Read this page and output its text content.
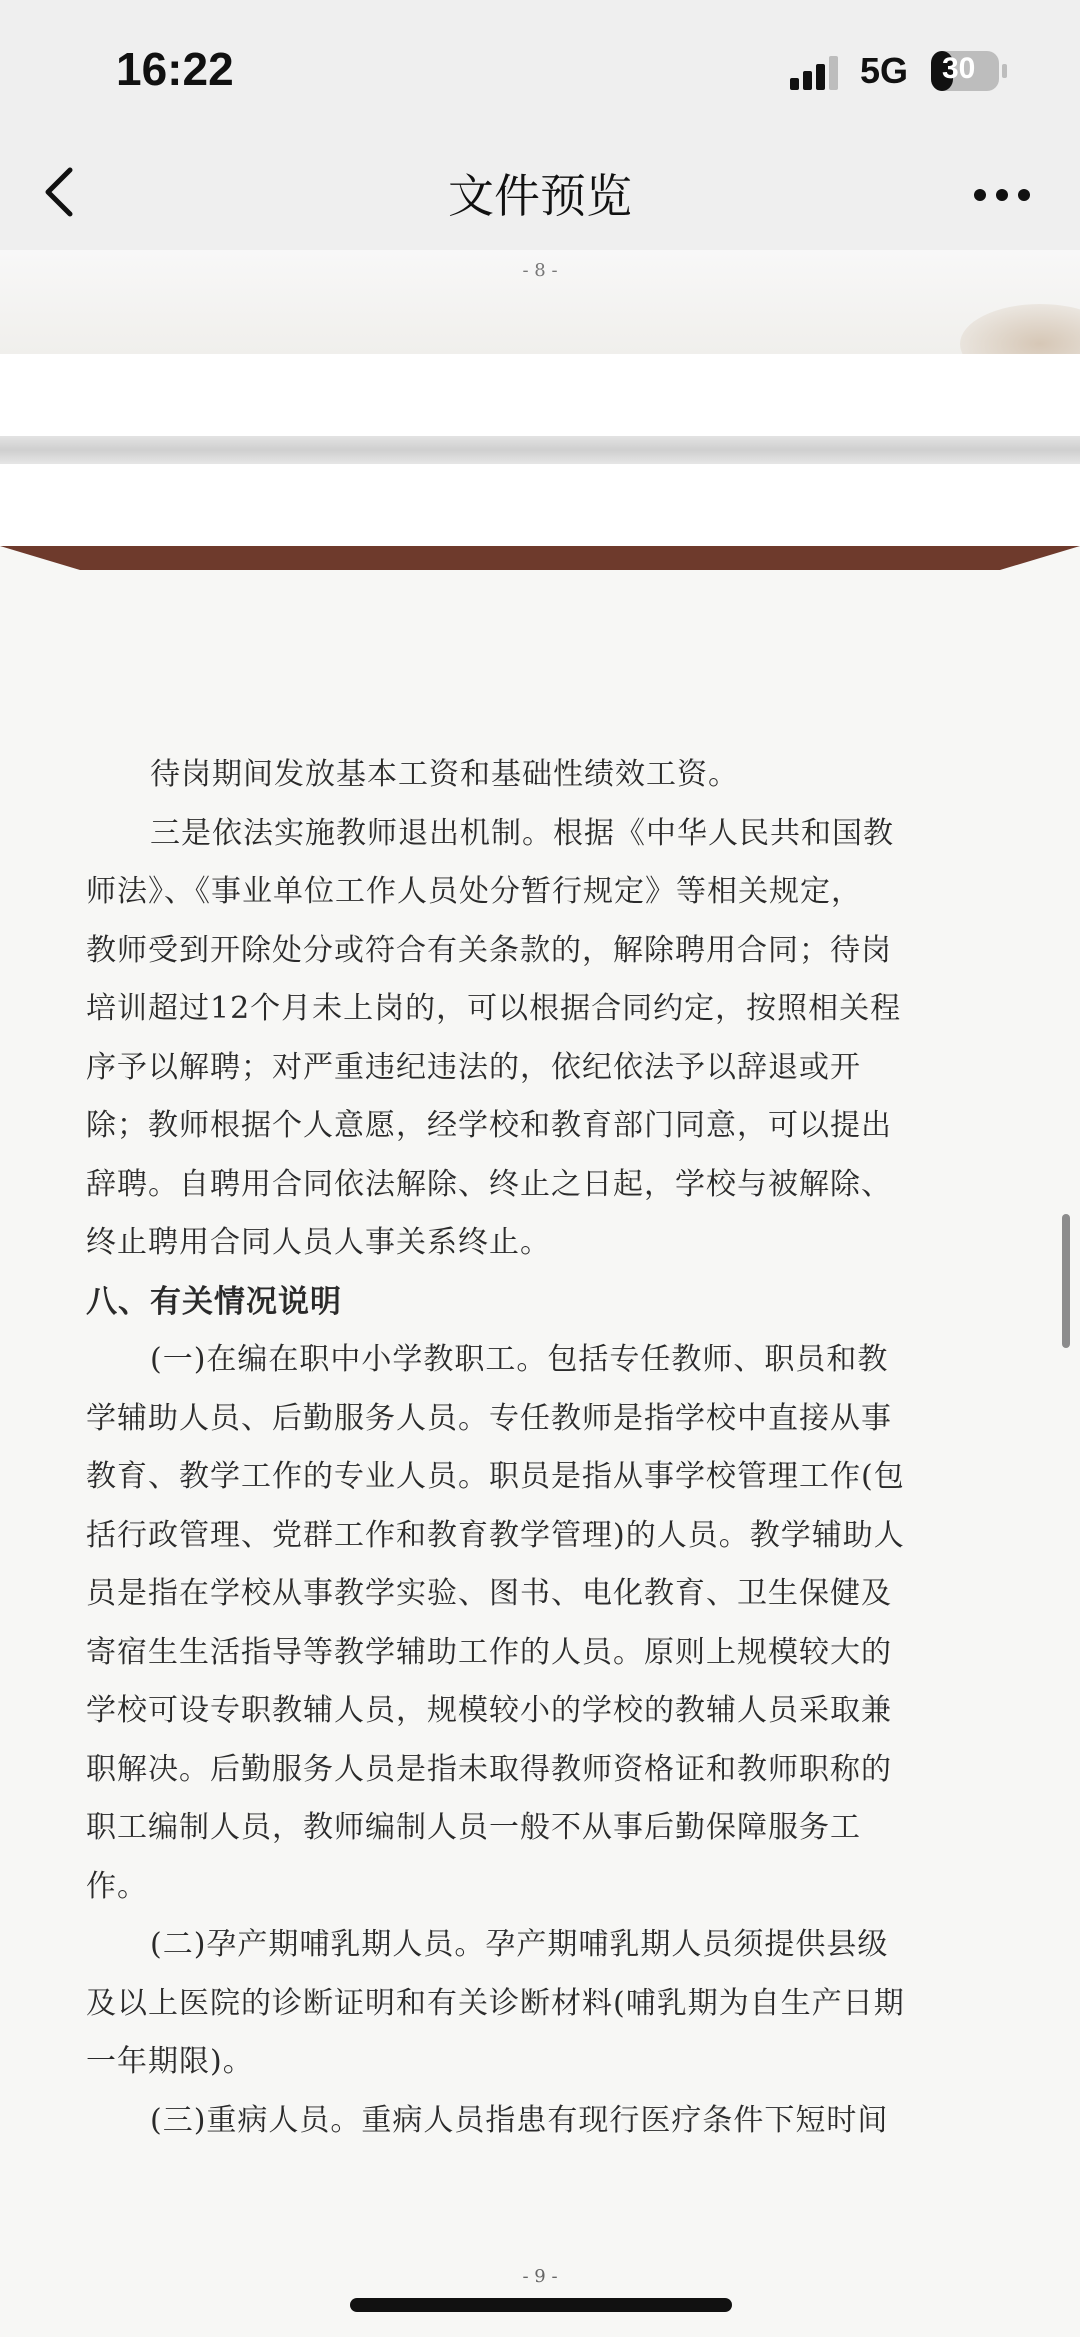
16:22	5G 30
文件预览
- 8 -
待岗期间发放基本工资和基础性绩效工资。
三是依法实施教师退出机制。根据《中华人民共和国教
师法》、《事业单位工作人员处分暂行规定》等相关规定，
教师受到开除处分或符合有关条款的，解除聘用合同；待岗
培训超过12个月未上岗的，可以根据合同约定，按照相关程
序予以解聘；对严重违纪违法的，依纪依法予以辞退或开
除；教师根据个人意愿，经学校和教育部门同意，可以提出
辞聘。自聘用合同依法解除、终止之日起，学校与被解除、
终止聘用合同人员人事关系终止。
八、有关情况说明
(一)在编在职中小学教职工。包括专任教师、职员和教
学辅助人员、后勤服务人员。专任教师是指学校中直接从事
教育、教学工作的专业人员。职员是指从事学校管理工作(包
括行政管理、党群工作和教育教学管理)的人员。教学辅助人
员是指在学校从事教学实验、图书、电化教育、卫生保健及
寄宿生生活指导等教学辅助工作的人员。原则上规模较大的
学校可设专职教辅人员，规模较小的学校的教辅人员采取兼
职解决。后勤服务人员是指未取得教师资格证和教师职称的
职工编制人员，教师编制人员一般不从事后勤保障服务工
作。
(二)孕产期哺乳期人员。孕产期哺乳期人员须提供县级
及以上医院的诊断证明和有关诊断材料(哺乳期为自生产日期
一年期限)。
(三)重病人员。重病人员指患有现行医疗条件下短时间
- 9 -
